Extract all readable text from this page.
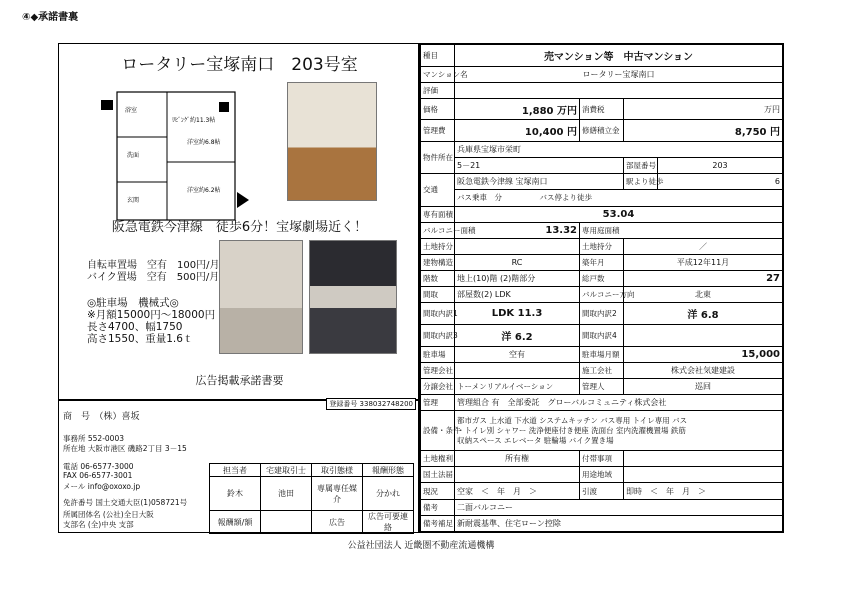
④◆承諾書裏
ロータリー宝塚南口　203号室
浴室
ﾘﾋﾞﾝｸﾞ約11.3帖
洋室約6.8帖
洋室約6.2帖
洗面
玄関
阪急電鉄今津線　徒歩6分！宝塚劇場近く！
自転車置場　空有　100円/月
バイク置場　空有　500円/月
◎駐車場　機械式◎
※月額15000円〜18000円
長さ4700、幅1750
高さ1550、重量1.6ｔ
広告掲載承諾書要
登録番号 338032748200
商　号　（株）喜坂
事務所 552-0003
所在地 大阪市港区 磯路2丁目 3－15
電話 06-6577-3000
FAX 06-6577-3001
メール info@oxoxo.jp
免許番号 国土交通大臣(1)058721号
所属団体名 (公社)全日大阪
支部名 (全)中央 支部
担当者	宅建取引士	取引態様	報酬形態
鈴木	池田	専属専任媒介	分かれ
報酬額/額		広告	広告可要連絡
種目	売マンション等　中古マンション			
マンション名	ロータリー宝塚南口			
評価				
価格	1,880 万円	消費税	万円	
管理費	10,400 円	修繕積立金	8,750 円	
物件所在	兵庫県宝塚市栄町			
	5－21		部屋番号	203
交通	阪急電鉄今津線 宝塚南口		駅より徒歩	6
	バス乗車　分　　　　　バス停より徒歩			
専有面積	53.04			
バルコニー面積	13.32	専用庭面積		
土地持分		土地持分	／	
建物構造	RC	築年月	平成12年11月	
階数	地上(10)階 (2)階部分	総戸数	27	
間取	部屋数(2) LDK	バルコニー方向	北東	
間取内訳1	LDK 11.3	間取内訳2	洋 6.8	
間取内訳3	洋 6.2	間取内訳4		
駐車場	空有	駐車場月額	15,000	
管理会社		施工会社	株式会社気建建設	
分譲会社	トーメンリアルイベーション	管理人	巡回	
管理	管理組合 有　全部委託　グローバルコミュニティ株式会社			
設備・条件	都市ガス 上水道 下水道 システムキッチン バス専用 トイレ専用 バス
・トイレ別 シャワー 洗浄便座付き便座 洗面台 室内洗濯機置場 鉄筋
収納スペース エレベータ 駐輪場 バイク置き場			

土地権利	所有権	付帯事項		
国土法届		用途地域		
現況	空家　＜　年　月　＞	引渡	即時　＜　年　月　＞	
備考	二面バルコニー			
備考補足	新耐震基準、住宅ローン控除			
公益社団法人 近畿圏不動産流通機構
